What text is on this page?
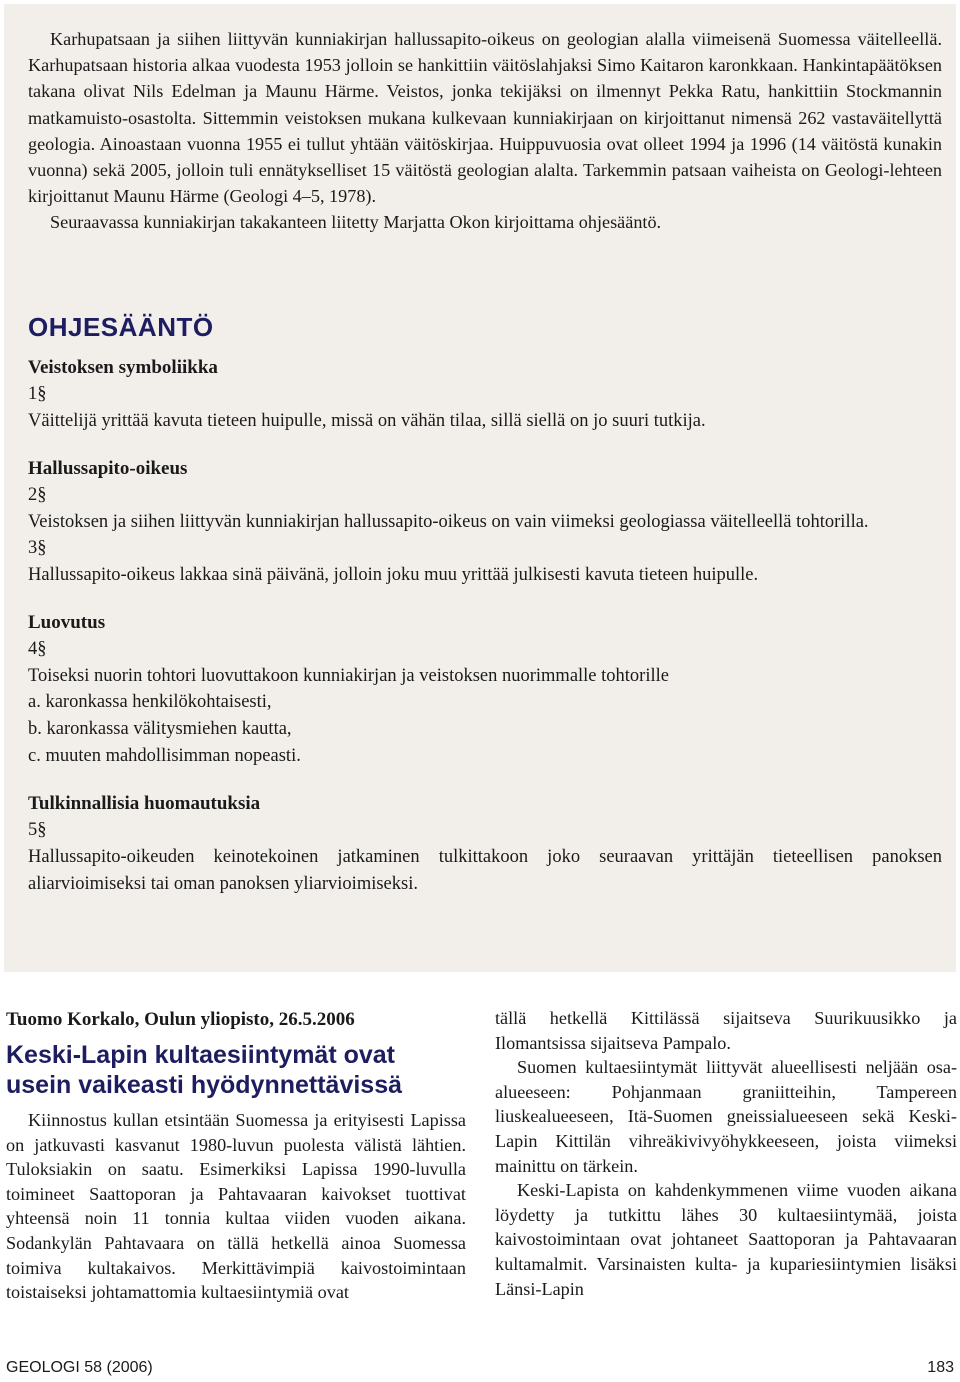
Karhupatsaan ja siihen liittyvän kunniakirjan hallussapito-oikeus on geologian alalla viimeisenä Suomessa väitelleellä. Karhupatsaan historia alkaa vuodesta 1953 jolloin se hankittiin väitöslahjaksi Simo Kaitaron karonkkaan. Hankintapäätöksen takana olivat Nils Edelman ja Maunu Härme. Veistos, jonka tekijäksi on ilmennyt Pekka Ratu, hankittiin Stockmannin matkamuisto-osastolta. Sittemmin veistoksen mukana kulkevaan kunniakirjaan on kirjoittanut nimensä 262 vastaväitellyttä geologia. Ainoastaan vuonna 1955 ei tullut yhtään väitöskirjaa. Huippuvuosia ovat olleet 1994 ja 1996 (14 väitöstä kunakin vuonna) sekä 2005, jolloin tuli ennätykselliset 15 väitöstä geologian alalta. Tarkemmin patsaan vaiheista on Geologi-lehteen kirjoittanut Maunu Härme (Geologi 4–5, 1978).

Seuraavassa kunniakirjan takakanteen liitetty Marjatta Okon kirjoittama ohjesääntö.

OHJESÄÄNTÖ

Veistoksen symboliikka

1§

Väittelijä yrittää kavuta tieteen huipulle, missä on vähän tilaa, sillä siellä on jo suuri tutkija.

Hallussapito-oikeus

2§

Veistoksen ja siihen liittyvän kunniakirjan hallussapito-oikeus on vain viimeksi geologiassa väitelleellä tohtorilla.

3§

Hallussapito-oikeus lakkaa sinä päivänä, jolloin joku muu yrittää julkisesti kavuta tieteen huipulle.

Luovutus

4§

Toiseksi nuorin tohtori luovuttakoon kunniakirjan ja veistoksen nuorimmalle tohtorille

a. karonkassa henkilökohtaisesti,

b. karonkassa välitysmiehen kautta,

c. muuten mahdollisimman nopeasti.

Tulkinnallisia huomautuksia

5§

Hallussapito-oikeuden keinotekoinen jatkaminen tulkittakoon joko seuraavan yrittäjän tieteellisen panoksen aliarvioimiseksi tai oman panoksen yliarvioimiseksi.

Tuomo Korkalo, Oulun yliopisto, 26.5.2006

Keski-Lapin kultaesiintymät ovat usein vaikeasti hyödynnettävissä

Kiinnostus kullan etsintään Suomessa ja erityisesti Lapissa on jatkuvasti kasvanut 1980-luvun puolesta välistä lähtien. Tuloksiakin on saatu. Esimerkiksi Lapissa 1990-luvulla toimineet Saattoporan ja Pahtavaaran kaivokset tuottivat yhteensä noin 11 tonnia kultaa viiden vuoden aikana. Sodankylän Pahtavaara on tällä hetkellä ainoa Suomessa toimiva kultakaivos. Merkittävimpiä kaivostoimintaan toistaiseksi johtamattomia kultaesiintymiä ovat

tällä hetkellä Kittilässä sijaitseva Suurikuusikko ja Ilomantsissa sijaitseva Pampalo.

Suomen kultaesiintymät liittyvät alueellisesti neljään osa-alueeseen: Pohjanmaan graniitteihin, Tampereen liuskealueeseen, Itä-Suomen gneissialueeseen sekä Keski-Lapin Kittilän vihreäkivivyöhykkeeseen, joista viimeksi mainittu on tärkein.

Keski-Lapista on kahdenkymmenen viime vuoden aikana löydetty ja tutkittu lähes 30 kultaesiintymää, joista kaivostoimintaan ovat johtaneet Saattoporan ja Pahtavaaran kultamalmit. Varsinaisten kulta- ja kupariesiintymien lisäksi Länsi-Lapin

GEOLOGI 58 (2006)	183
